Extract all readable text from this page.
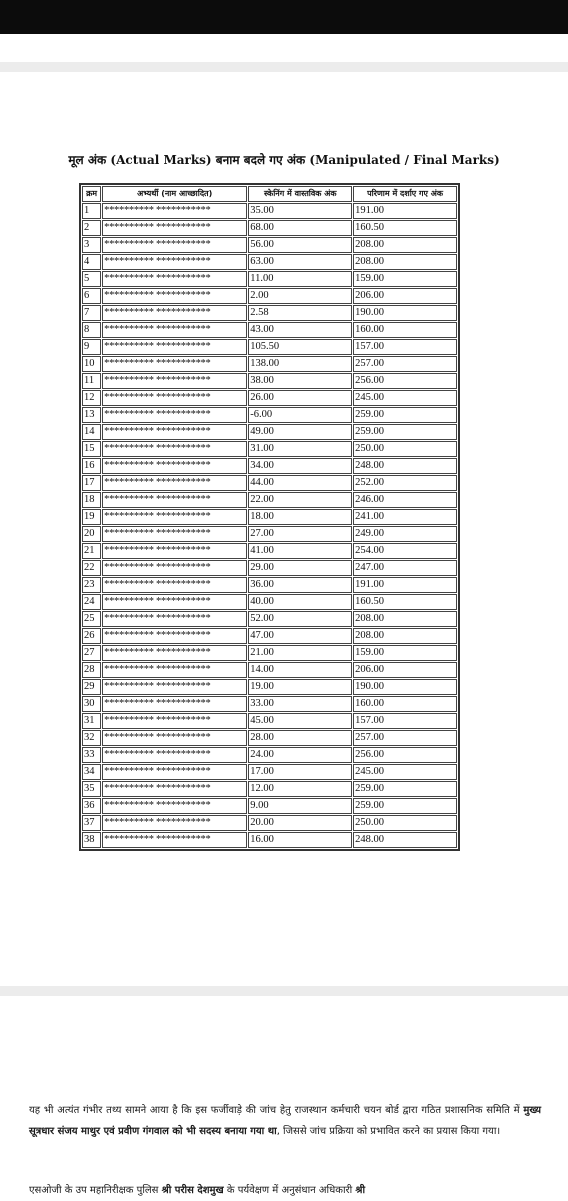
मूल अंक (Actual Marks) बनाम बदले गए अंक (Manipulated / Final Marks)
क्रम	अभ्यर्थी (नाम आच्छादित)	स्केनिंग में वास्तविक अंक	परिणाम में दर्शाए गए अंक
1	********** ***********	35.00	191.00
2	********** ***********	68.00	160.50
3	********** ***********	56.00	208.00
4	********** ***********	63.00	208.00
5	********** ***********	11.00	159.00
6	********** ***********	2.00	206.00
7	********** ***********	2.58	190.00
8	********** ***********	43.00	160.00
9	********** ***********	105.50	157.00
10	********** ***********	138.00	257.00
11	********** ***********	38.00	256.00
12	********** ***********	26.00	245.00
13	********** ***********	-6.00	259.00
14	********** ***********	49.00	259.00
15	********** ***********	31.00	250.00
16	********** ***********	34.00	248.00
17	********** ***********	44.00	252.00
18	********** ***********	22.00	246.00
19	********** ***********	18.00	241.00
20	********** ***********	27.00	249.00
21	********** ***********	41.00	254.00
22	********** ***********	29.00	247.00
23	********** ***********	36.00	191.00
24	********** ***********	40.00	160.50
25	********** ***********	52.00	208.00
26	********** ***********	47.00	208.00
27	********** ***********	21.00	159.00
28	********** ***********	14.00	206.00
29	********** ***********	19.00	190.00
30	********** ***********	33.00	160.00
31	********** ***********	45.00	157.00
32	********** ***********	28.00	257.00
33	********** ***********	24.00	256.00
34	********** ***********	17.00	245.00
35	********** ***********	12.00	259.00
36	********** ***********	9.00	259.00
37	********** ***********	20.00	250.00
38	********** ***********	16.00	248.00
यह भी अत्यंत गंभीर तथ्य सामने आया है कि इस फर्जीवाड़े की जांच हेतु राजस्थान कर्मचारी चयन बोर्ड द्वारा गठित प्रशासनिक समिति में मुख्य सूत्रधार संजय माथुर एवं प्रवीण गंगवाल को भी सदस्य बनाया गया था, जिससे जांच प्रक्रिया को प्रभावित करने का प्रयास किया गया।
एसओजी के उप महानिरीक्षक पुलिस श्री परीस देशमुख के पर्यवेक्षण में अनुसंधान अधिकारी श्री
